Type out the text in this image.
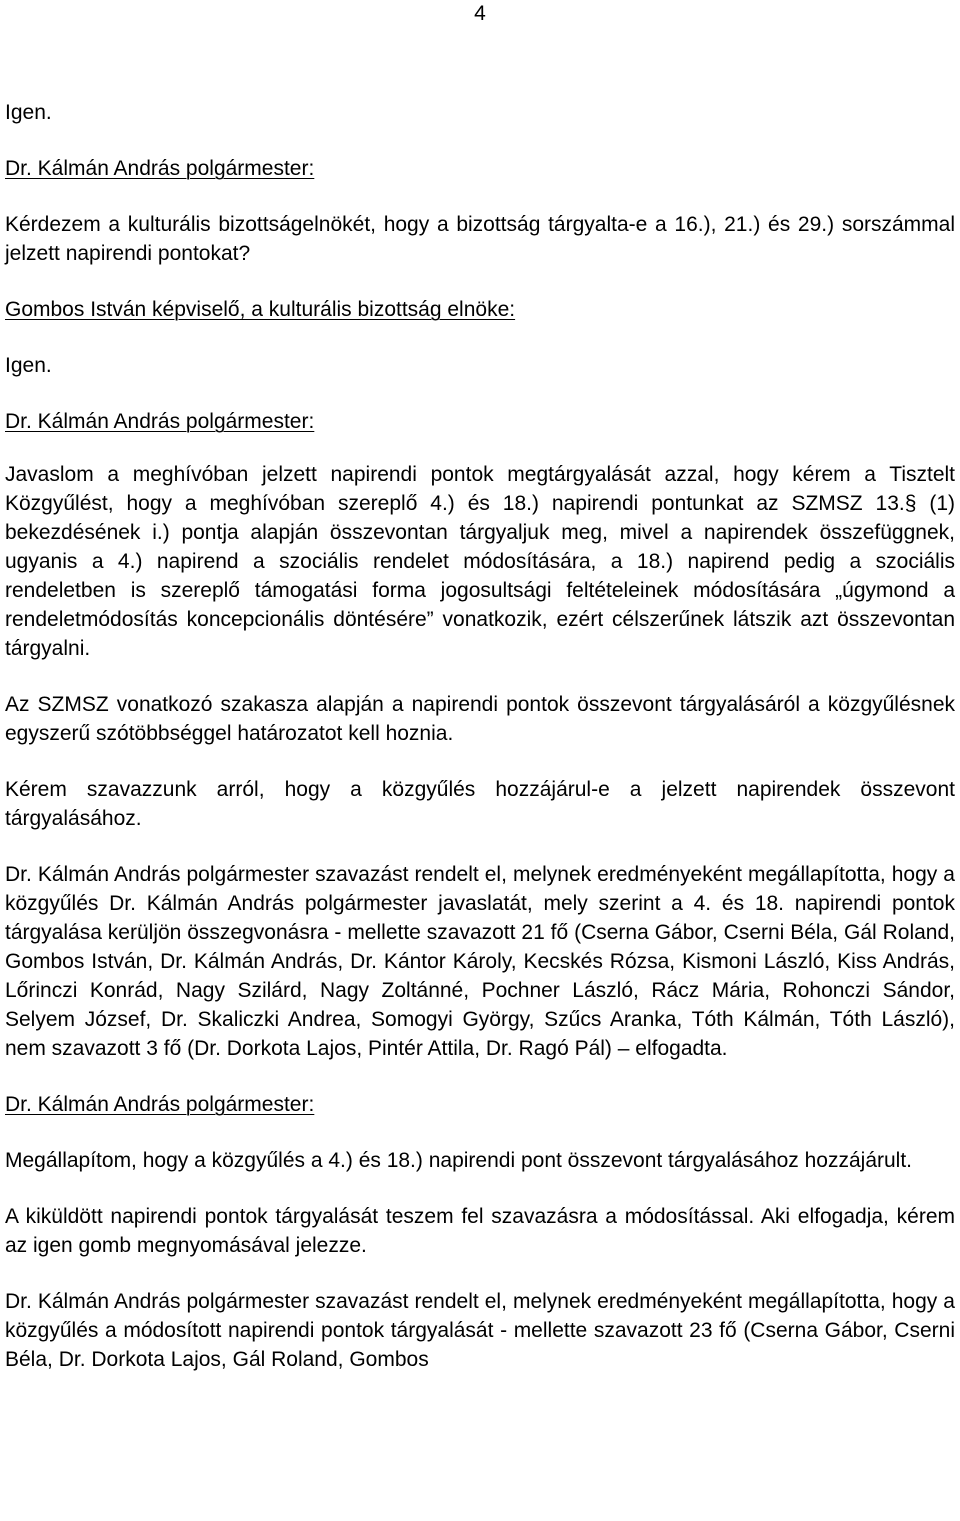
4

Igen.

Dr. Kálmán András polgármester:

Kérdezem a kulturális bizottságelnökét, hogy a bizottság tárgyalta-e a 16.), 21.) és 29.) sorszámmal jelzett napirendi pontokat?

Gombos István képviselő, a kulturális bizottság elnöke:

Igen.

Dr. Kálmán András polgármester:

Javaslom a meghívóban jelzett napirendi pontok megtárgyalását azzal, hogy kérem a Tisztelt Közgyűlést, hogy a meghívóban szereplő 4.) és 18.) napirendi pontunkat az SZMSZ 13.§ (1) bekezdésének i.) pontja alapján összevontan tárgyaljuk meg, mivel a napirendek összefüggnek, ugyanis a 4.) napirend a szociális rendelet módosítására, a 18.) napirend pedig a szociális rendeletben is szereplő támogatási forma jogosultsági feltételeinek módosítására „úgymond a rendeletmódosítás koncepcionális döntésére” vonatkozik, ezért célszerűnek látszik azt összevontan tárgyalni.

Az SZMSZ vonatkozó szakasza alapján a napirendi pontok összevont tárgyalásáról a közgyűlésnek egyszerű szótöbbséggel határozatot kell hoznia.

Kérem szavazzunk arról, hogy a közgyűlés hozzájárul-e a jelzett napirendek összevont tárgyalásához.

Dr. Kálmán András polgármester szavazást rendelt el, melynek eredményeként megállapította, hogy a közgyűlés Dr. Kálmán András polgármester javaslatát, mely szerint a 4. és 18. napirendi pontok tárgyalása kerüljön összegvonásra - mellette szavazott 21 fő (Cserna Gábor, Cserni Béla, Gál Roland, Gombos István, Dr. Kálmán András, Dr. Kántor Károly, Kecskés Rózsa, Kismoni László, Kiss András, Lőrinczi Konrád, Nagy Szilárd, Nagy Zoltánné, Pochner László, Rácz Mária, Rohonczi Sándor, Selyem József, Dr. Skaliczki Andrea, Somogyi György, Szűcs Aranka, Tóth Kálmán, Tóth László), nem szavazott 3 fő (Dr. Dorkota Lajos, Pintér Attila, Dr. Ragó Pál) – elfogadta.

Dr. Kálmán András polgármester:

Megállapítom, hogy a közgyűlés a 4.) és 18.) napirendi pont összevont tárgyalásához hozzájárult.

A kiküldött napirendi pontok tárgyalását teszem fel szavazásra a módosítással. Aki elfogadja, kérem az igen gomb megnyomásával jelezze.

Dr. Kálmán András polgármester szavazást rendelt el, melynek eredményeként megállapította, hogy a közgyűlés a módosított napirendi pontok tárgyalását - mellette szavazott 23 fő (Cserna Gábor, Cserni Béla, Dr. Dorkota Lajos, Gál Roland, Gombos
